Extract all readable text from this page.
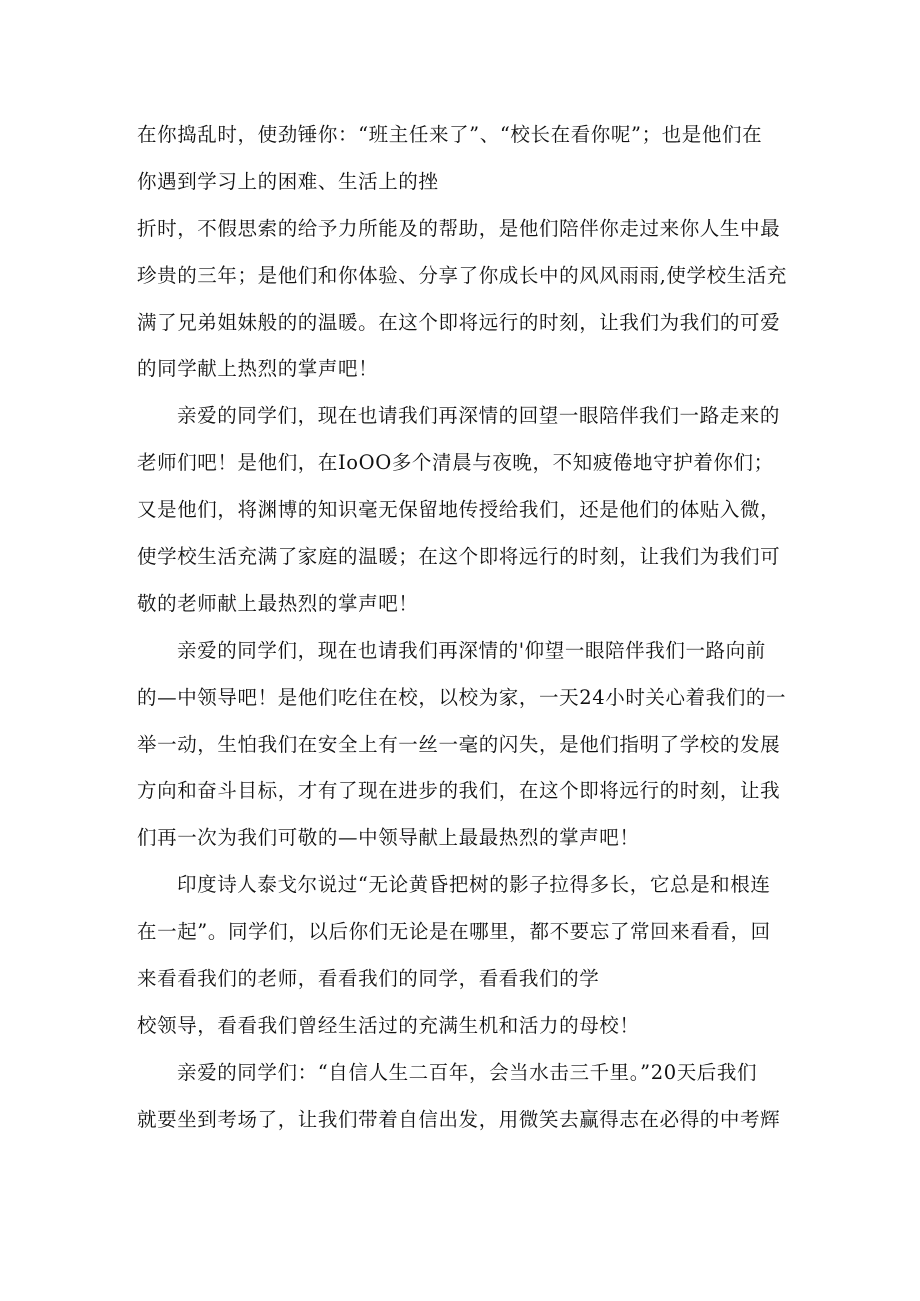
在你捣乱时，使劲锤你：“班主任来了”、“校长在看你呢”；也是他们在
你遇到学习上的困难、生活上的挫
折时，不假思索的给予力所能及的帮助，是他们陪伴你走过来你人生中最
珍贵的三年；是他们和你体验、分享了你成长中的风风雨雨,使学校生活充
满了兄弟姐妹般的的温暖。在这个即将远行的时刻，让我们为我们的可爱
的同学献上热烈的掌声吧！
亲爱的同学们，现在也请我们再深情的回望一眼陪伴我们一路走来的
老师们吧！是他们，在IoOO多个清晨与夜晚，不知疲倦地守护着你们；
又是他们，将渊博的知识毫无保留地传授给我们，还是他们的体贴入微，
使学校生活充满了家庭的温暖；在这个即将远行的时刻，让我们为我们可
敬的老师献上最热烈的掌声吧！
亲爱的同学们，现在也请我们再深情的'仰望一眼陪伴我们一路向前
的—中领导吧！是他们吃住在校，以校为家，一天24小时关心着我们的一
举一动，生怕我们在安全上有一丝一毫的闪失，是他们指明了学校的发展
方向和奋斗目标，才有了现在进步的我们，在这个即将远行的时刻，让我
们再一次为我们可敬的—中领导献上最最热烈的掌声吧！
印度诗人泰戈尔说过“无论黄昏把树的影子拉得多长，它总是和根连
在一起”。同学们，以后你们无论是在哪里，都不要忘了常回来看看，回
来看看我们的老师，看看我们的同学，看看我们的学
校领导，看看我们曾经生活过的充满生机和活力的母校！
亲爱的同学们：“自信人生二百年，会当水击三千里。”20天后我们
就要坐到考场了，让我们带着自信出发，用微笑去赢得志在必得的中考辉
